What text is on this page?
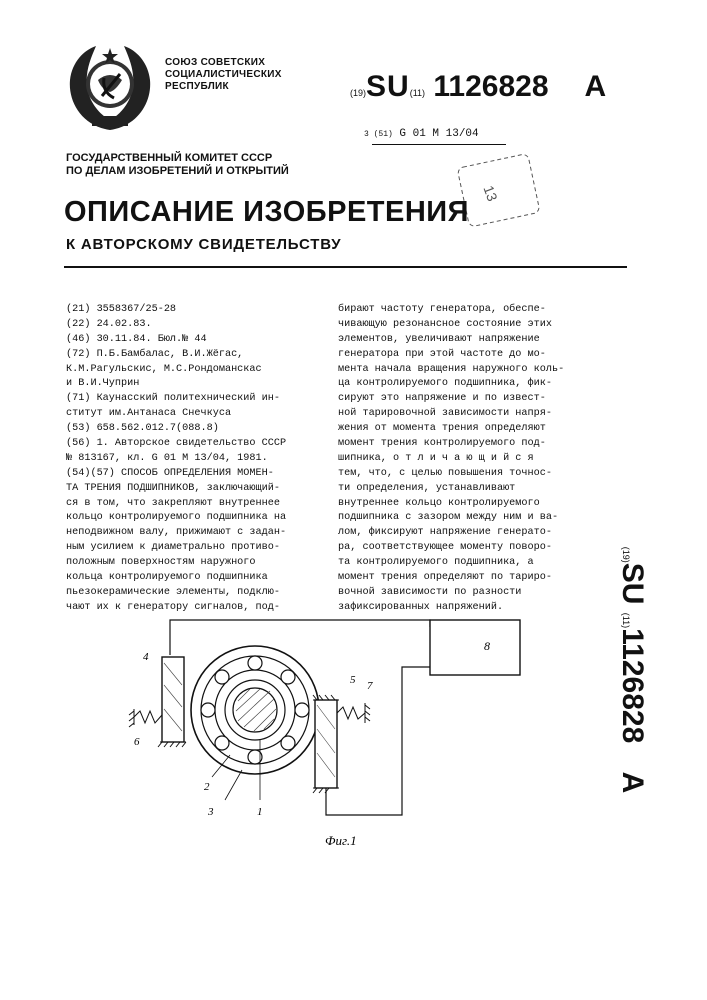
СОЮЗ СОВЕТСКИХ
СОЦИАЛИСТИЧЕСКИХ
РЕСПУБЛИК
(19)SU(11) 1126828 A
3 (51) G 01 M 13/04
ГОСУДАРСТВЕННЫЙ КОМИТЕТ СССР
ПО ДЕЛАМ ИЗОБРЕТЕНИЙ И ОТКРЫТИЙ
13
ОПИСАНИЕ ИЗОБРЕТЕНИЯ
К АВТОРСКОМУ СВИДЕТЕЛЬСТВУ
(21) 3558367/25-28
(22) 24.02.83.
(46) 30.11.84. Бюл.№ 44
(72) П.Б.Бамбалас, В.И.Жёгас,
К.М.Рагульскис, М.С.Рондоманскас
и В.И.Чуприн
(71) Каунасский политехнический ин-
ститут им.Антанаса Снечкуса
(53) 658.562.012.7(088.8)
(56) 1. Авторское свидетельство СССР
№ 813167, кл. G 01 M 13/04, 1981.
(54)(57) СПОСОБ ОПРЕДЕЛЕНИЯ МОМЕН-
ТА ТРЕНИЯ ПОДШИПНИКОВ, заключающий-
ся в том, что закрепляют внутреннее
кольцо контролируемого подшипника на
неподвижном валу, прижимают с задан-
ным усилием к диаметрально противо-
положным поверхностям наружного
кольца контролируемого подшипника
пьезокерамические элементы, подклю-
чают их к генератору сигналов, под-
бирают частоту генератора, обеспе-
чивающую резонансное состояние этих
элементов, увеличивают напряжение
генератора при этой частоте до мо-
мента начала вращения наружного коль-
ца контролируемого подшипника, фик-
сируют это напряжение и по извест-
ной тарировочной зависимости напря-
жения от момента трения определяют
момент трения контролируемого под-
шипника, о т л и ч а ю щ и й с я
тем, что, с целью повышения точнос-
ти определения, устанавливают
внутреннее кольцо контролируемого
подшипника с зазором между ним и ва-
лом, фиксируют напряжение генерато-
ра, соответствующее моменту поворо-
та контролируемого подшипника, а
момент трения определяют по тариро-
вочной зависимости по разности
зафиксированных напряжений.
(19)SU (11)1126828 A
8
4
6
5 7
2
3	1
Фиг.1
